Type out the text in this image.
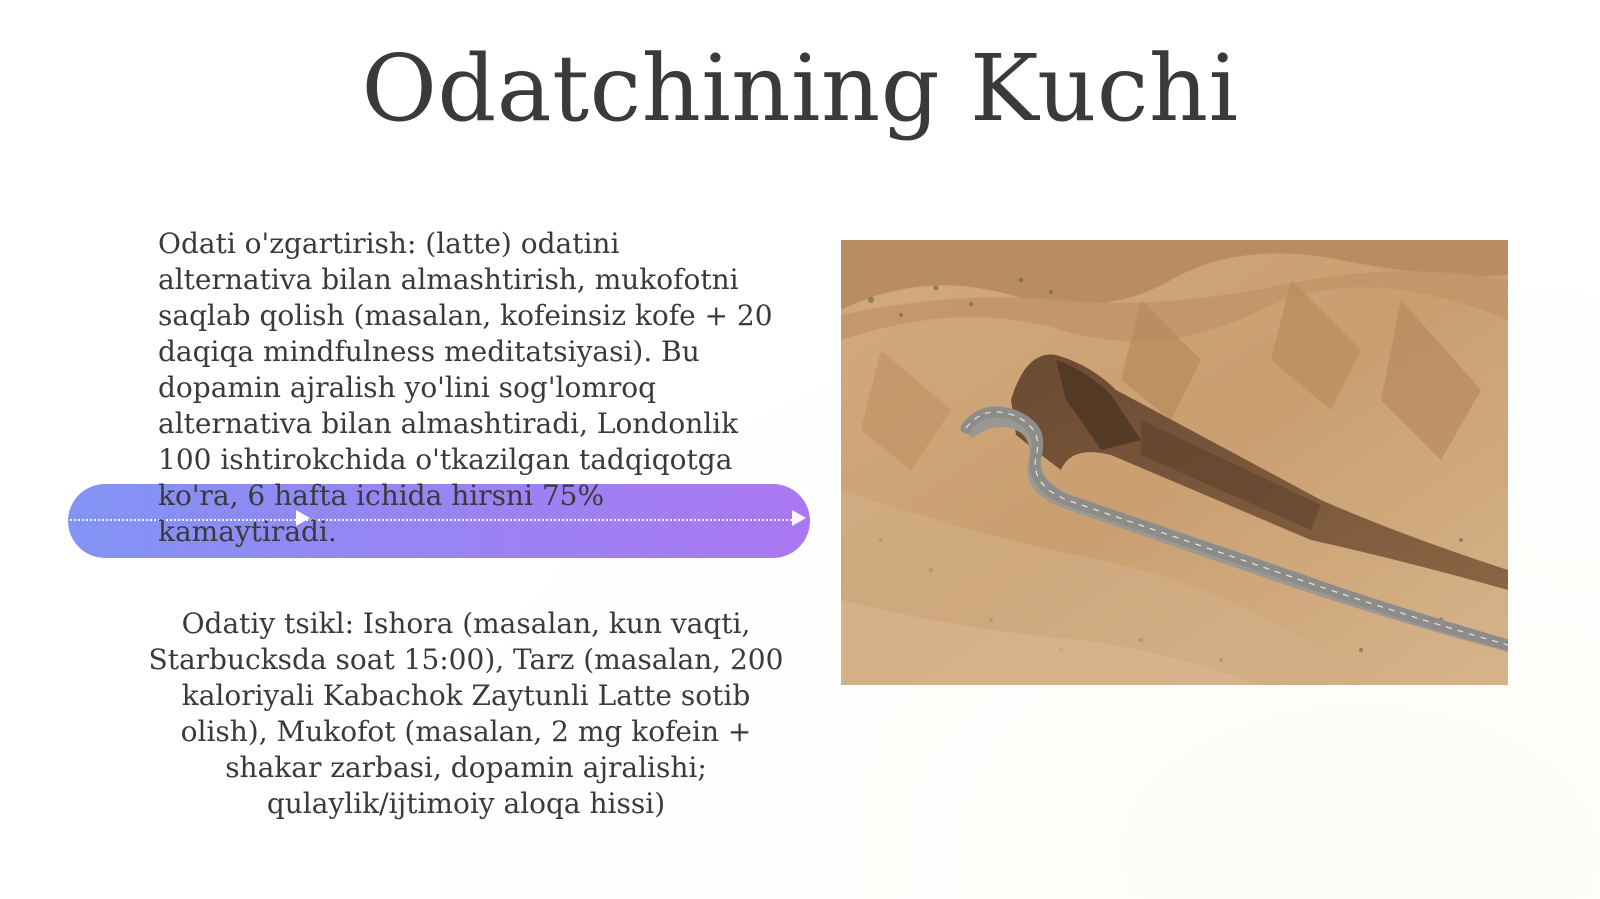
Odatchining Kuchi
Odati o'zgartirish: (latte) odatini alternativa bilan almashtirish, mukofotni saqlab qolish (masalan, kofeinsiz kofe + 20 daqiqa mindfulness meditatsiyasi). Bu dopamin ajralish yo'lini sog'lomroq alternativa bilan almashtiradi, Londonlik 100 ishtirokchida o'tkazilgan tadqiqotga ko'ra, 6 hafta ichida hirsni 75% kamaytiradi.
Odatiy tsikl: Ishora (masalan, kun vaqti, Starbucksda soat 15:00), Tarz (masalan, 200 kaloriyali Kabachok Zaytunli Latte sotib olish), Mukofot (masalan, 2 mg kofein + shakar zarbasi, dopamin ajralishi; qulaylik/ijtimoiy aloqa hissi)
